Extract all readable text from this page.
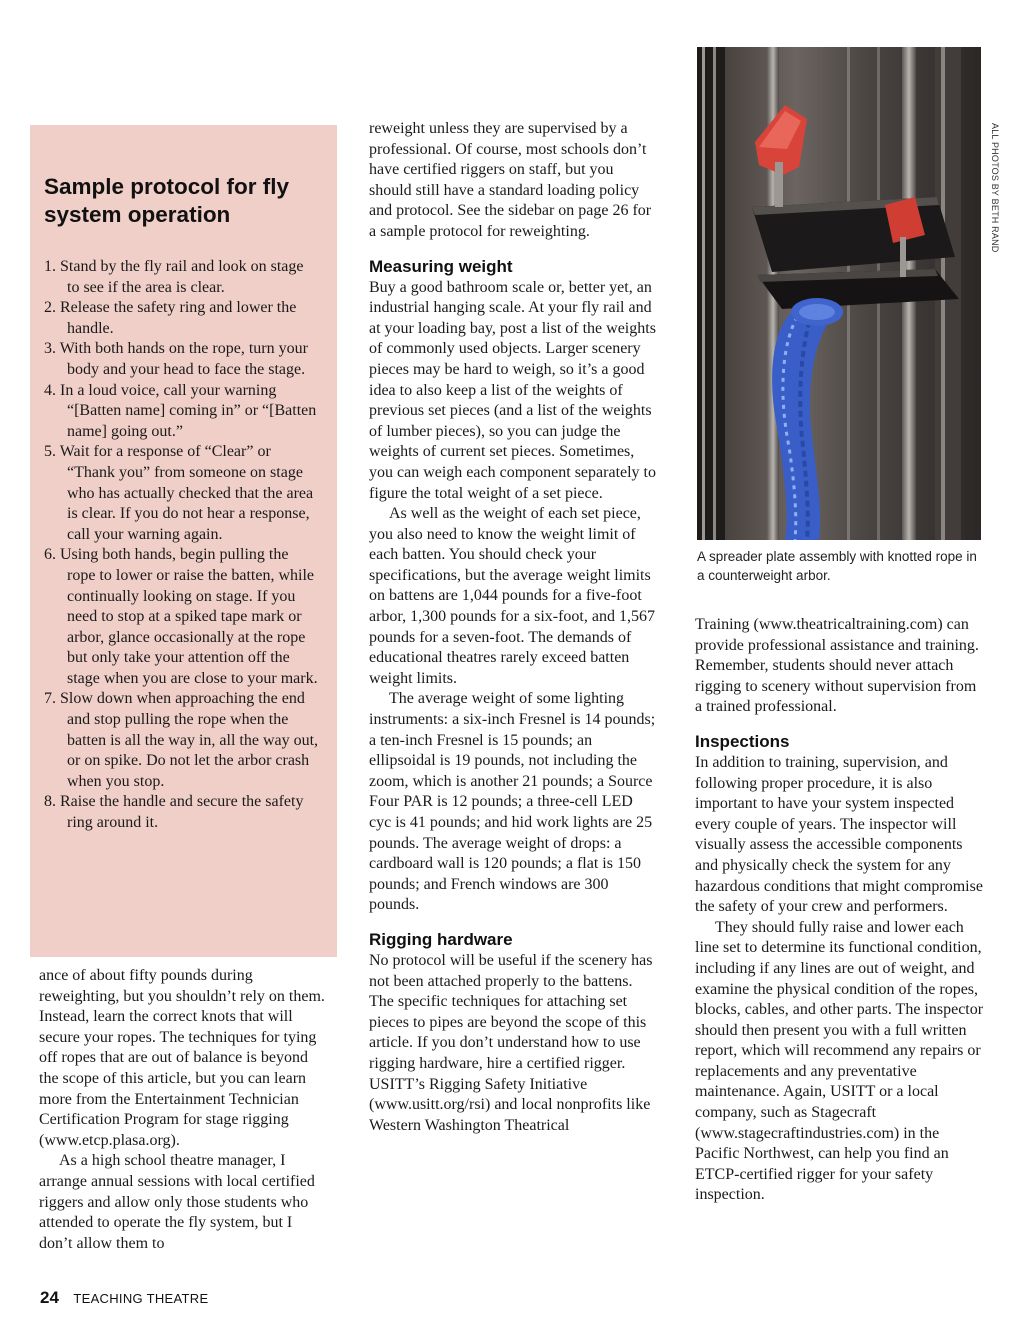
Sample protocol for fly system operation
1. Stand by the fly rail and look on stage to see if the area is clear.
2. Release the safety ring and lower the handle.
3. With both hands on the rope, turn your body and your head to face the stage.
4. In a loud voice, call your warning “[Batten name] coming in” or “[Batten name] going out.”
5. Wait for a response of “Clear” or “Thank you” from someone on stage who has actually checked that the area is clear. If you do not hear a response, call your warning again.
6. Using both hands, begin pulling the rope to lower or raise the batten, while continually looking on stage. If you need to stop at a spiked tape mark or arbor, glance occasionally at the rope but only take your attention off the stage when you are close to your mark.
7. Slow down when approaching the end and stop pulling the rope when the batten is all the way in, all the way out, or on spike. Do not let the arbor crash when you stop.
8. Raise the handle and secure the safety ring around it.

ance of about fifty pounds during reweighting, but you shouldn’t rely on them. Instead, learn the correct knots that will secure your ropes. The techniques for tying off ropes that are out of balance is beyond the scope of this article, but you can learn more from the Entertainment Technician Certification Program for stage rigging (www.etcp.plasa.org).

As a high school theatre manager, I arrange annual sessions with local certified riggers and allow only those students who attended to operate the fly system, but I don’t allow them to

reweight unless they are supervised by a professional. Of course, most schools don’t have certified riggers on staff, but you should still have a standard loading policy and protocol. See the sidebar on page 26 for a sample protocol for reweighting.

Measuring weight

Buy a good bathroom scale or, better yet, an industrial hanging scale. At your fly rail and at your loading bay, post a list of the weights of commonly used objects. Larger scenery pieces may be hard to weigh, so it’s a good idea to also keep a list of the weights of previous set pieces (and a list of the weights of lumber pieces), so you can judge the weights of current set pieces. Sometimes, you can weigh each component separately to figure the total weight of a set piece.

As well as the weight of each set piece, you also need to know the weight limit of each batten. You should check your specifications, but the average weight limits on battens are 1,044 pounds for a five-foot arbor, 1,300 pounds for a six-foot, and 1,567 pounds for a seven-foot. The demands of educational theatres rarely exceed batten weight limits.

The average weight of some lighting instruments: a six-inch Fresnel is 14 pounds; a ten-inch Fresnel is 15 pounds; an ellipsoidal is 19 pounds, not including the zoom, which is another 21 pounds; a Source Four PAR is 12 pounds; a three-cell LED cyc is 41 pounds; and hid work lights are 25 pounds. The average weight of drops: a cardboard wall is 120 pounds; a flat is 150 pounds; and French windows are 300 pounds.

Rigging hardware

No protocol will be useful if the scenery has not been attached properly to the battens. The specific techniques for attaching set pieces to pipes are beyond the scope of this article. If you don’t understand how to use rigging hardware, hire a certified rigger. USITT’s Rigging Safety Initiative (www.usitt.org/rsi) and local nonprofits like Western Washington Theatrical

ALL PHOTOS BY BETH RAND
A spreader plate assembly with knotted rope in a counterweight arbor.

Training (www.theatricaltraining.com) can provide professional assistance and training. Remember, students should never attach rigging to scenery without supervision from a trained professional.

Inspections

In addition to training, supervision, and following proper procedure, it is also important to have your system inspected every couple of years. The inspector will visually assess the accessible components and physically check the system for any hazardous conditions that might compromise the safety of your crew and performers.

They should fully raise and lower each line set to determine its functional condition, including if any lines are out of weight, and examine the physical condition of the ropes, blocks, cables, and other parts. The inspector should then present you with a full written report, which will recommend any repairs or replacements and any preventative maintenance. Again, USITT or a local company, such as Stagecraft (www.stagecraftindustries.com) in the Pacific Northwest, can help you find an ETCP-certified rigger for your safety inspection.

24 TEACHING THEATRE
